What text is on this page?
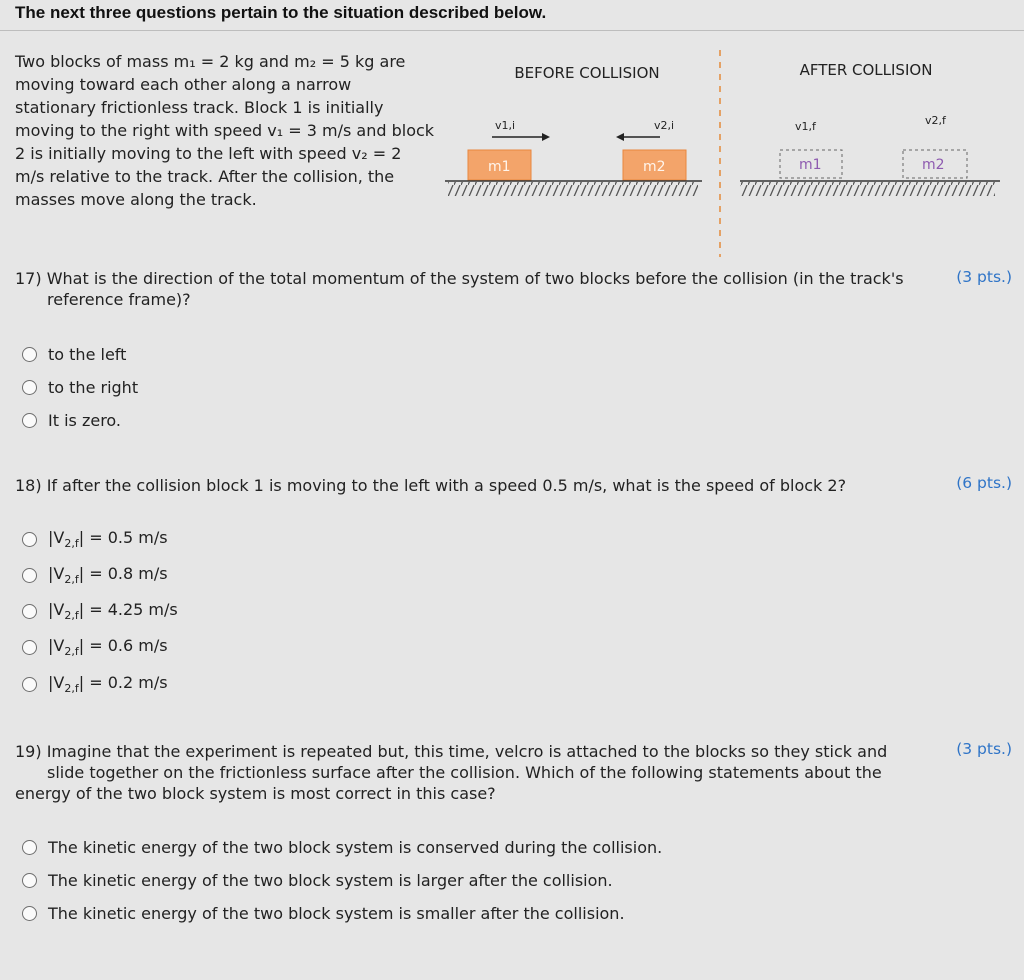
The next three questions pertain to the situation described below.
Two blocks of mass m₁ = 2 kg and m₂ = 5 kg are
moving toward each other along a narrow
stationary frictionless track. Block 1 is initially
moving to the right with speed v₁ = 3 m/s and block
2 is initially moving to the left with speed v₂ = 2
m/s relative to the track. After the collision, the
masses move along the track.
BEFORE COLLISION
v1,i	v2,i
m1	m2
AFTER COLLISION
v1,f	v2,f
m1	m2
17) What is the direction of the total momentum of the system of two blocks before the collision (in the track's
reference frame)?
(3 pts.)
to the left
to the right
It is zero.
18) If after the collision block 1 is moving to the left with a speed 0.5 m/s, what is the speed of block 2?	(6 pts.)
$|V_{2,f}| = 0.5$ m/s
$|V_{2,f}| = 0.8$ m/s
$|V_{2,f}| = 4.25$ m/s
$|V_{2,f}| = 0.6$ m/s
$|V_{2,f}| = 0.2$ m/s
19) Imagine that the experiment is repeated but, this time, velcro is attached to the blocks so they stick and
slide together on the frictionless surface after the collision. Which of the following statements about the
energy of the two block system is most correct in this case?
(3 pts.)
The kinetic energy of the two block system is conserved during the collision.
The kinetic energy of the two block system is larger after the collision.
The kinetic energy of the two block system is smaller after the collision.
